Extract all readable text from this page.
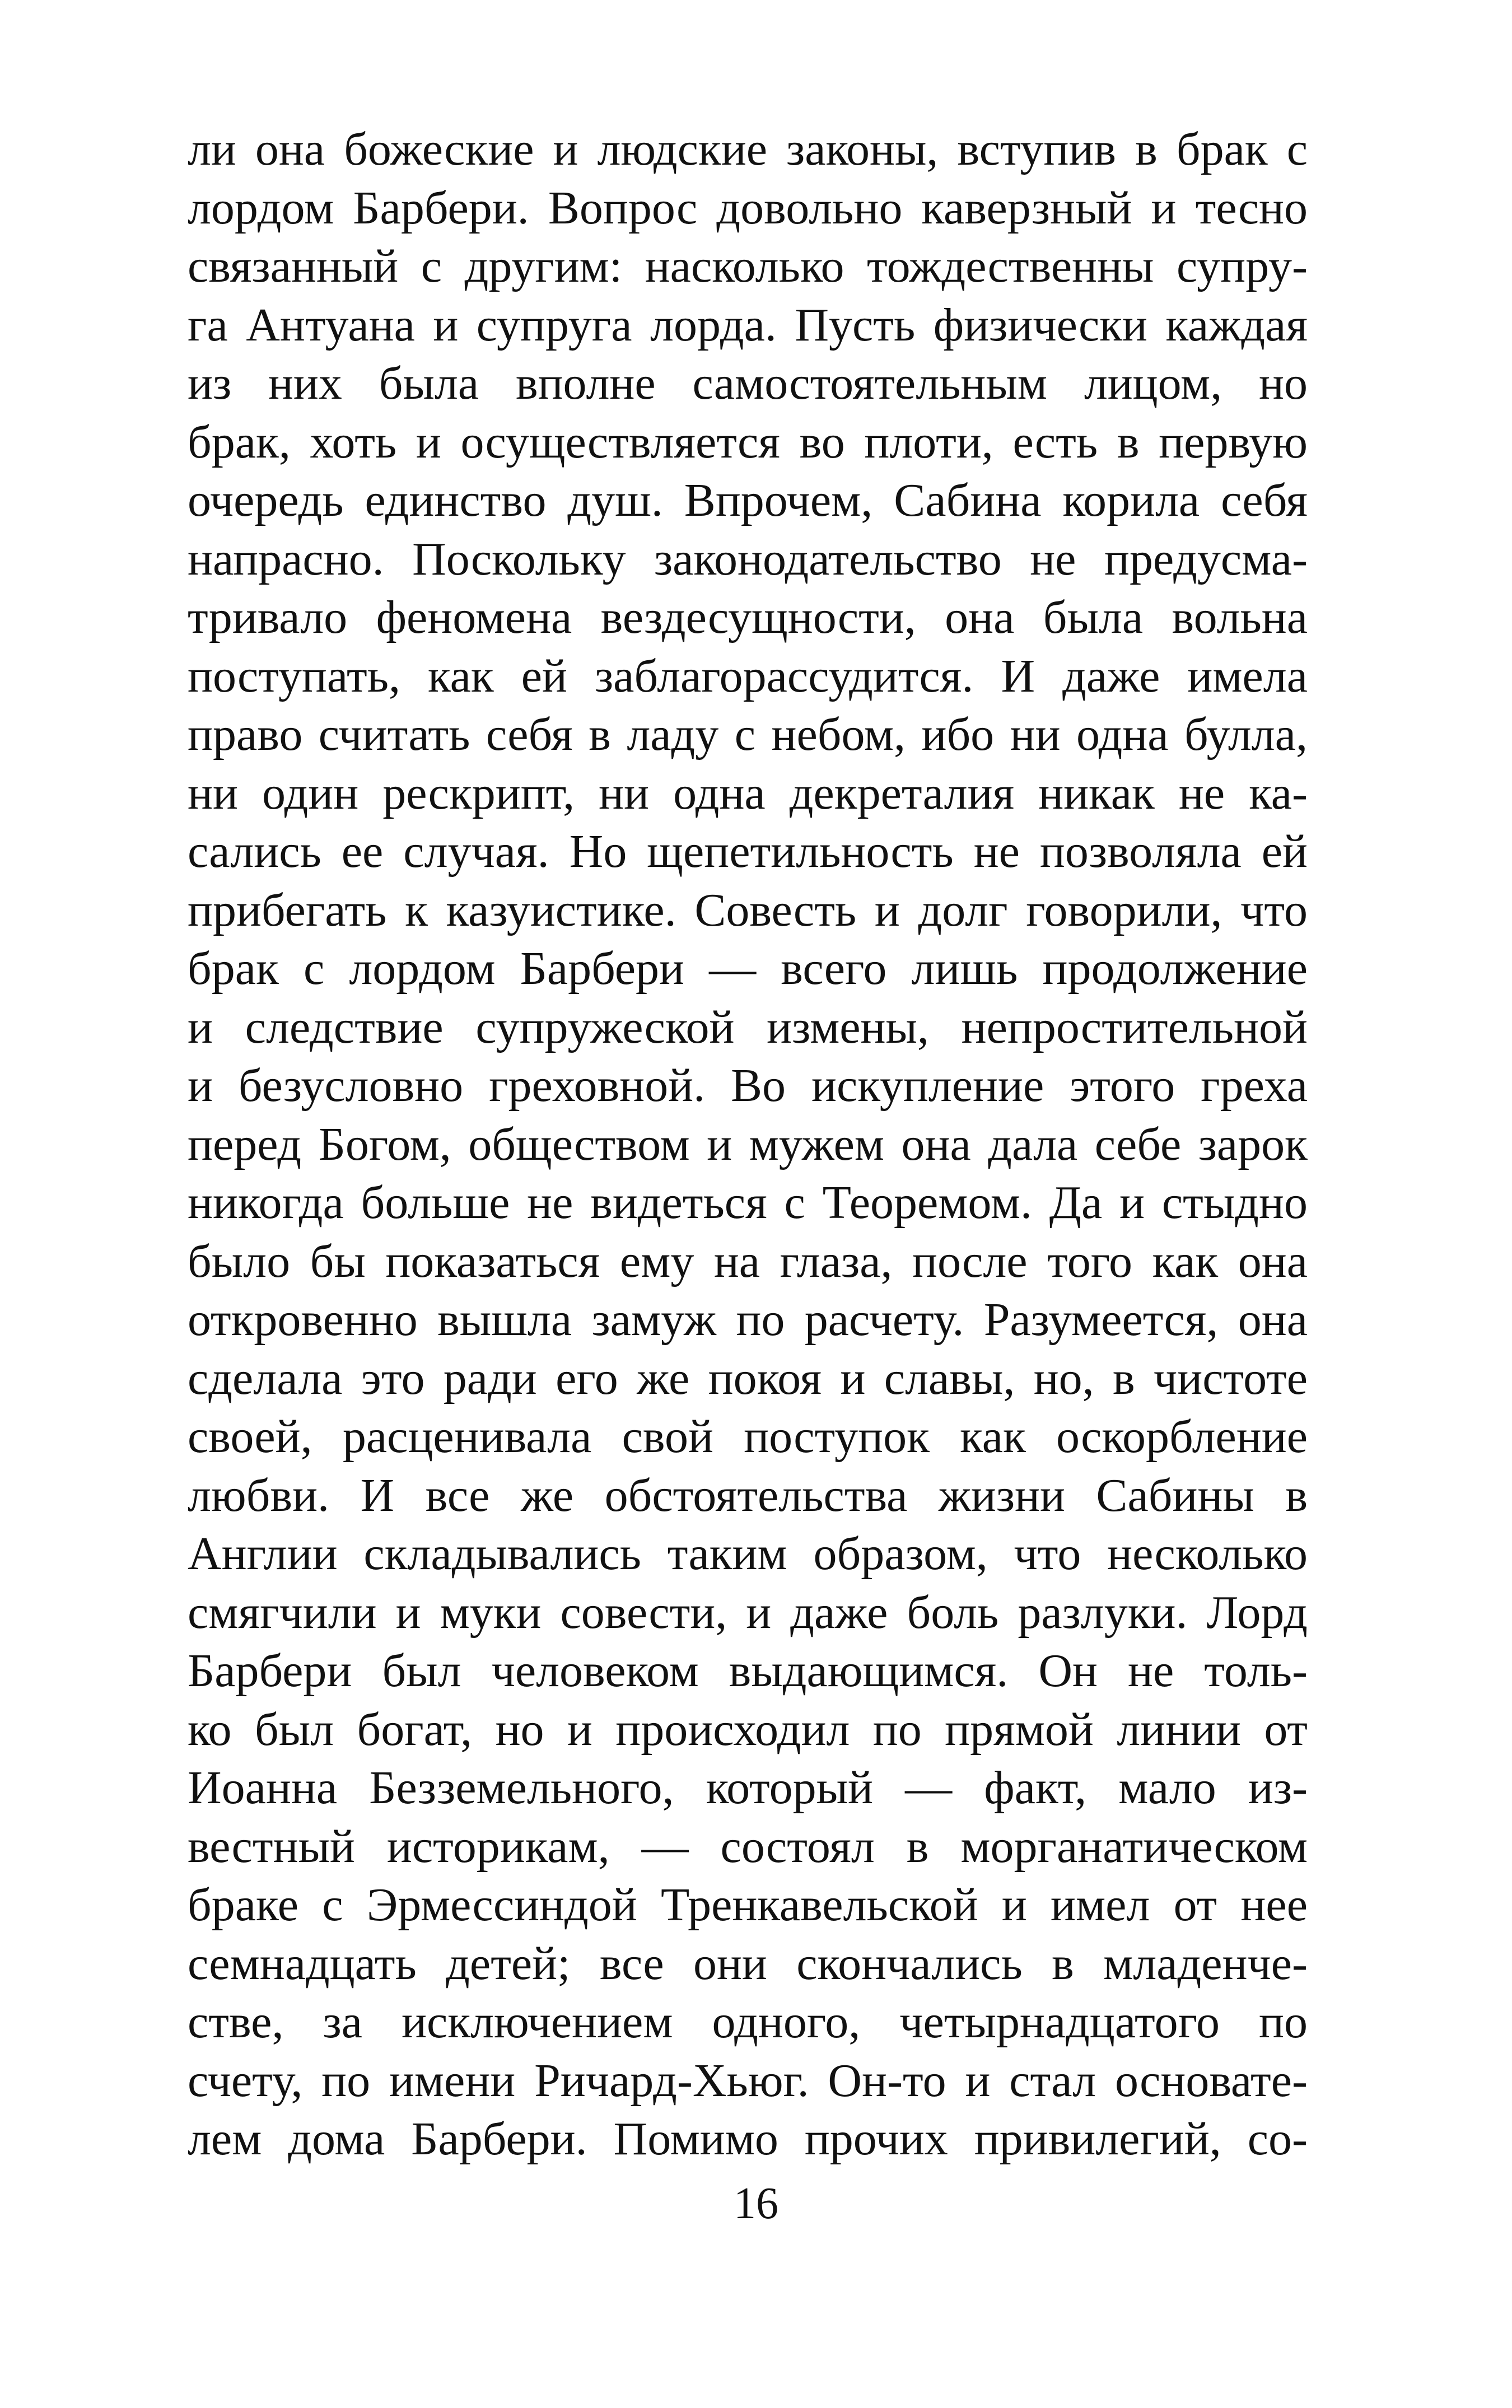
ли она божеские и людские законы, вступив в брак с
лордом Барбери. Вопрос довольно каверзный и тесно
связанный с другим: насколько тождественны супру-
га Антуана и супруга лорда. Пусть физически каждая
из них была вполне самостоятельным лицом, но
брак, хоть и осуществляется во плоти, есть в первую
очередь единство душ. Впрочем, Сабина корила себя
напрасно. Поскольку законодательство не предусма-
тривало феномена вездесущности, она была вольна
поступать, как ей заблагорассудится. И даже имела
право считать себя в ладу с небом, ибо ни одна булла,
ни один рескрипт, ни одна декреталия никак не ка-
сались ее случая. Но щепетильность не позволяла ей
прибегать к казуистике. Совесть и долг говорили, что
брак с лордом Барбери — всего лишь продолжение
и следствие супружеской измены, непростительной
и безусловно греховной. Во искупление этого греха
перед Богом, обществом и мужем она дала себе зарок
никогда больше не видеться с Теоремом. Да и стыдно
было бы показаться ему на глаза, после того как она
откровенно вышла замуж по расчету. Разумеется, она
сделала это ради его же покоя и славы, но, в чистоте
своей, расценивала свой поступок как оскорбление
любви. И все же обстоятельства жизни Сабины в
Англии складывались таким образом, что несколько
смягчили и муки совести, и даже боль разлуки. Лорд
Барбери был человеком выдающимся. Он не толь-
ко был богат, но и происходил по прямой линии от
Иоанна Безземельного, который — факт, мало из-
вестный историкам, — состоял в морганатическом
браке с Эрмессиндой Тренкавельской и имел от нее
семнадцать детей; все они скончались в младенче-
стве, за исключением одного, четырнадцатого по
счету, по имени Ричард-Хьюг. Он-то и стал основате-
лем дома Барбери. Помимо прочих привилегий, со-
16
